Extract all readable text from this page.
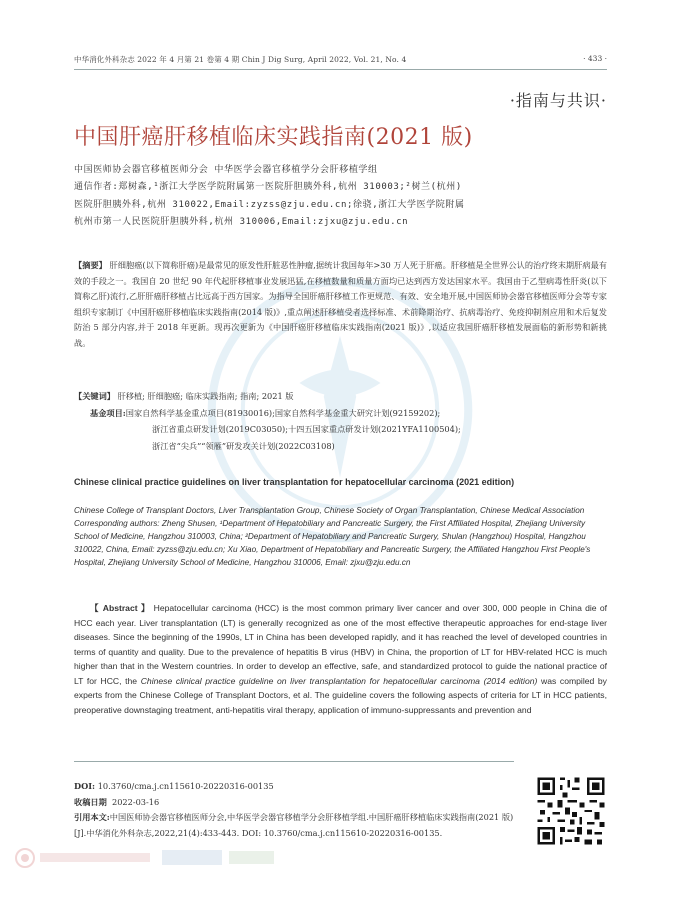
中华消化外科杂志 2022 年 4 月第 21 卷第 4 期 Chin J Dig Surg, April 2022, Vol. 21, No. 4	· 433 ·
·指南与共识·
中国肝癌肝移植临床实践指南(2021 版)
中国医师协会器官移植医师分会 中华医学会器官移植学分会肝移植学组
通信作者:郑树森,¹浙江大学医学院附属第一医院肝胆胰外科,杭州 310003;²树兰(杭州)
医院肝胆胰外科,杭州 310022,Email:zyzss@zju.edu.cn;徐骁,浙江大学医学院附属
杭州市第一人民医院肝胆胰外科,杭州 310006,Email:zjxu@zju.edu.cn
【摘要】 肝细胞癌(以下简称肝癌)是最常见的原发性肝脏恶性肿瘤,据统计我国每年>30 万人死于肝癌。肝移植是全世界公认的治疗终末期肝病最有效的手段之一。我国自 20 世纪 90 年代起肝移植事业发展迅猛,在移植数量和质量方面均已达到西方发达国家水平。我国由于乙型病毒性肝炎(以下简称乙肝)流行,乙肝肝癌肝移植占比远高于西方国家。为指导全国肝癌肝移植工作更规范、有效、安全地开展,中国医师协会器官移植医师分会等专家组织专家制订《中国肝癌肝移植临床实践指南(2014 版)》,重点阐述肝移植受者选择标准、术前降期治疗、抗病毒治疗、免疫抑制剂应用和术后复发防治 5 部分内容,并于 2018 年更新。现再次更新为《中国肝癌肝移植临床实践指南(2021 版)》,以适应我国肝癌肝移植发展面临的新形势和新挑战。
【关键词】 肝移植; 肝细胞癌; 临床实践指南; 指南; 2021 版
基金项目:国家自然科学基金重点项目(81930016);国家自然科学基金重大研究计划(92159202);
浙江省重点研发计划(2019C03050);十四五国家重点研发计划(2021YFA1100504);
浙江省“尖兵”“领雁”研发攻关计划(2022C03108)
Chinese clinical practice guidelines on liver transplantation for hepatocellular carcinoma (2021 edition)
Chinese College of Transplant Doctors, Liver Transplantation Group, Chinese Society of Organ Transplantation, Chinese Medical Association
Corresponding authors: Zheng Shusen, ¹Department of Hepatobiliary and Pancreatic Surgery, the First Affiliated Hospital, Zhejiang University School of Medicine, Hangzhou 310003, China; ²Department of Hepatobiliary and Pancreatic Surgery, Shulan (Hangzhou) Hospital, Hangzhou 310022, China, Email: zyzss@zju.edu.cn; Xu Xiao, Department of Hepatobiliary and Pancreatic Surgery, the Affiliated Hangzhou First People's Hospital, Zhejiang University School of Medicine, Hangzhou 310006, Email: zjxu@zju.edu.cn
【 Abstract 】 Hepatocellular carcinoma (HCC) is the most common primary liver cancer and over 300, 000 people in China die of HCC each year. Liver transplantation (LT) is generally recognized as one of the most effective therapeutic approaches for end-stage liver diseases. Since the beginning of the 1990s, LT in China has been developed rapidly, and it has reached the level of developed countries in terms of quantity and quality. Due to the prevalence of hepatitis B virus (HBV) in China, the proportion of LT for HBV-related HCC is much higher than that in the Western countries. In order to develop an effective, safe, and standardized protocol to guide the national practice of LT for HCC, the Chinese clinical practice guideline on liver transplantation for hepatocellular carcinoma (2014 edition) was compiled by experts from the Chinese College of Transplant Doctors, et al. The guideline covers the following aspects of criteria for LT in HCC patients, preoperative downstaging treatment, anti-hepatitis viral therapy, application of immuno-suppressants and prevention and
DOI: 10.3760/cma.j.cn115610-20220316-00135
收稿日期 2022-03-16
引用本文:中国医师协会器官移植医师分会,中华医学会器官移植学分会肝移植学组.中国肝癌肝移植临床实践指南(2021 版)[J].中华消化外科杂志,2022,21(4):433-443. DOI: 10.3760/cma.j.cn115610-20220316-00135.
